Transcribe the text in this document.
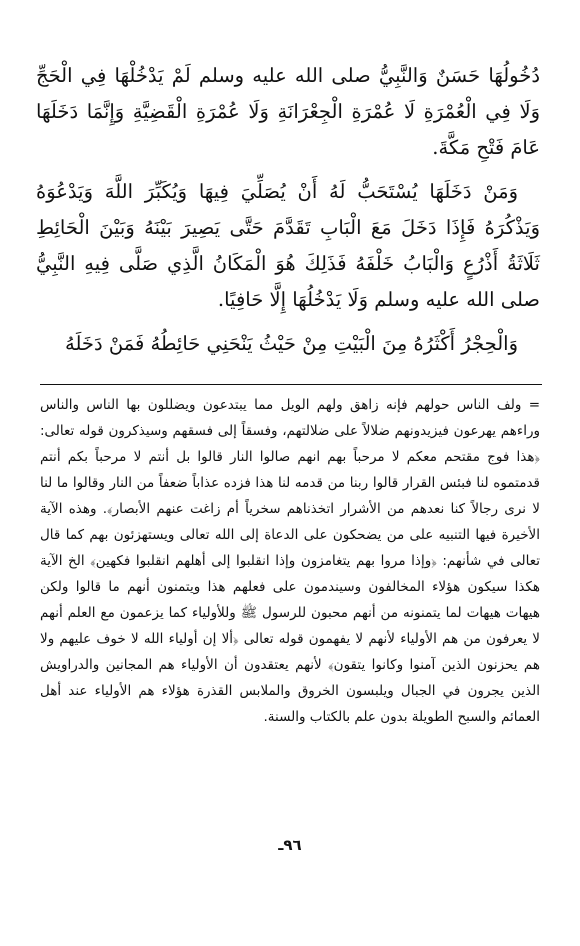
دُخُولُهَا حَسَنٌ وَالنَّبِيُّ صلى الله عليه وسلم لَمْ يَدْخُلْهَا فِي الْحَجِّ وَلَا فِي الْعُمْرَةِ لَا عُمْرَةِ الْجِعْرَانَةِ وَلَا عُمْرَةِ الْقَضِيَّةِ وَإِنَّمَا دَخَلَهَا عَامَ فَتْحِ مَكَّةَ.

وَمَنْ دَخَلَهَا يُسْتَحَبُّ لَهُ أَنْ يُصَلِّيَ فِيهَا وَيُكَبِّرَ اللَّهَ وَيَدْعُوَهُ وَيَذْكُرَهُ فَإِذَا دَخَلَ مَعَ الْبَابِ تَقَدَّمَ حَتَّى يَصِيرَ بَيْنَهُ وَبَيْنَ الْحَائِطِ ثَلَاثَةُ أَذْرُعٍ وَالْبَابُ خَلْفَهُ فَذَلِكَ هُوَ الْمَكَانُ الَّذِي صَلَّى فِيهِ النَّبِيُّ صلى الله عليه وسلم وَلَا يَدْخُلُهَا إِلَّا حَافِيًا.

وَالْحِجْرُ أَكْثَرُهُ مِنَ الْبَيْتِ مِنْ حَيْثُ يَنْحَنِي حَائِطُهُ فَمَنْ دَخَلَهُ

= ولف الناس حولهم فإنه زاهق ولهم الويل مما يبتدعون ويضللون بها الناس والناس وراءهم يهرعون فيزيدونهم ضلالاً على ضلالتهم، وفسقاً إلى فسقهم وسيذكرون قوله تعالى: ﴿هذا فوج مقتحم معكم لا مرحباً بهم انهم صالوا النار قالوا بل أنتم لا مرحباً بكم أنتم قدمتموه لنا فبئس القرار قالوا ربنا من قدمه لنا هذا فزده عذاباً ضعفاً من النار وقالوا ما لنا لا نرى رجالاً كنا نعدهم من الأشرار اتخذناهم سخرياً أم زاغت عنهم الأبصار﴾. وهذه الآية الأخيرة فيها التنبيه على من يضحكون على الدعاة إلى الله تعالى ويستهزئون بهم كما قال تعالى في شأنهم: ﴿وإذا مروا بهم يتغامزون وإذا انقلبوا إلى أهلهم انقلبوا فكهين﴾ الخ الآية هكذا سيكون هؤلاء المخالفون وسيندمون على فعلهم هذا ويتمنون أنهم ما قالوا ولكن هيهات هيهات لما يتمنونه من أنهم محبون للرسول ﷺ وللأولياء كما يزعمون مع العلم أنهم لا يعرفون من هم الأولياء لأنهم لا يفهمون قوله تعالى ﴿ألا إن أولياء الله لا خوف عليهم ولا هم يحزنون الذين آمنوا وكانوا يتقون﴾ لأنهم يعتقدون أن الأولياء هم المجانين والدراويش الذين يجرون في الجبال ويلبسون الخروق والملابس القذرة هؤلاء هم الأولياء عند أهل العمائم والسبح الطويلة بدون علم بالكتاب والسنة.

٩٦ـ
